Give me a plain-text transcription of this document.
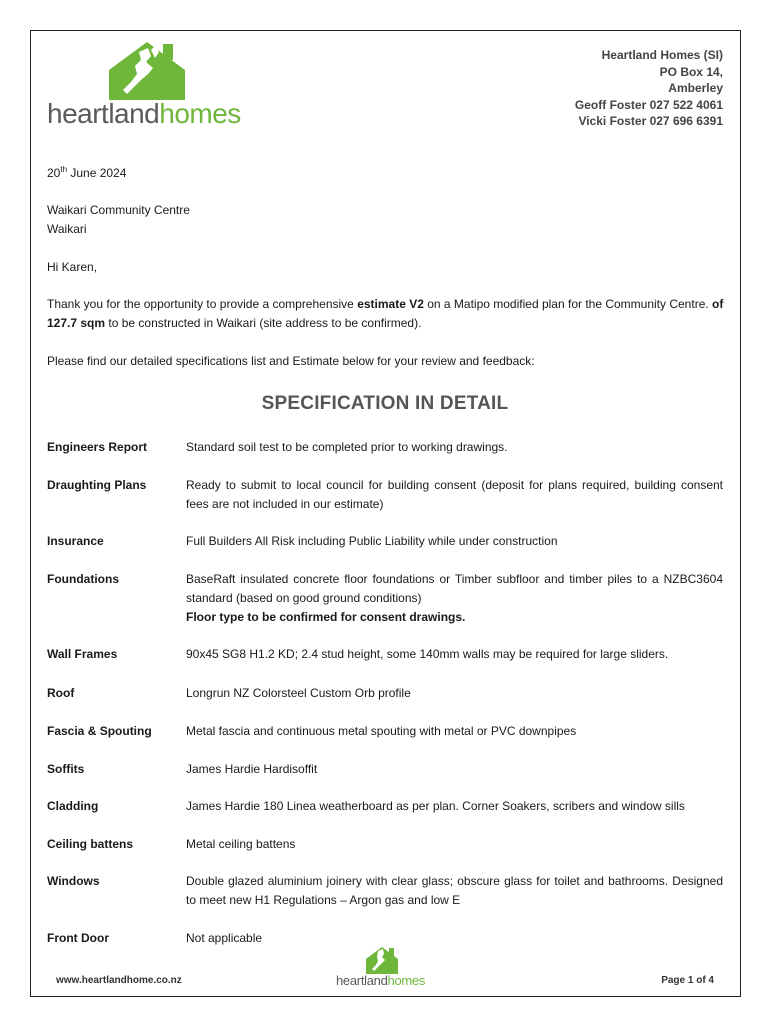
heartlandhomes
Heartland Homes (SI)
PO Box 14,
Amberley
Geoff Foster 027 522 4061
Vicki Foster 027 696 6391
20th June 2024
Waikari Community Centre
Waikari
Hi Karen,
Thank you for the opportunity to provide a comprehensive estimate V2 on a Matipo modified plan for the Community Centre. of 127.7 sqm to be constructed in Waikari (site address to be confirmed).
Please find our detailed specifications list and Estimate below for your review and feedback:
SPECIFICATION IN DETAIL
Engineers Report	Standard soil test to be completed prior to working drawings.
Draughting Plans	Ready to submit to local council for building consent (deposit for plans required, building consent fees are not included in our estimate)
Insurance	Full Builders All Risk including Public Liability while under construction
Foundations	BaseRaft insulated concrete floor foundations or Timber subfloor and timber piles to a NZBC3604 standard (based on good ground conditions)
Floor type to be confirmed for consent drawings.
Wall Frames	90x45 SG8 H1.2 KD; 2.4 stud height, some 140mm walls may be required for large sliders.
Roof	Longrun NZ Colorsteel Custom Orb profile
Fascia & Spouting	Metal fascia and continuous metal spouting with metal or PVC downpipes
Soffits	James Hardie Hardisoffit
Cladding	James Hardie 180 Linea weatherboard as per plan. Corner Soakers, scribers and window sills
Ceiling battens	Metal ceiling battens
Windows	Double glazed aluminium joinery with clear glass; obscure glass for toilet and bathrooms. Designed to meet new H1 Regulations – Argon gas and low E
Front Door	Not applicable
www.heartlandhome.co.nz	heartlandhomes	Page 1 of 4
